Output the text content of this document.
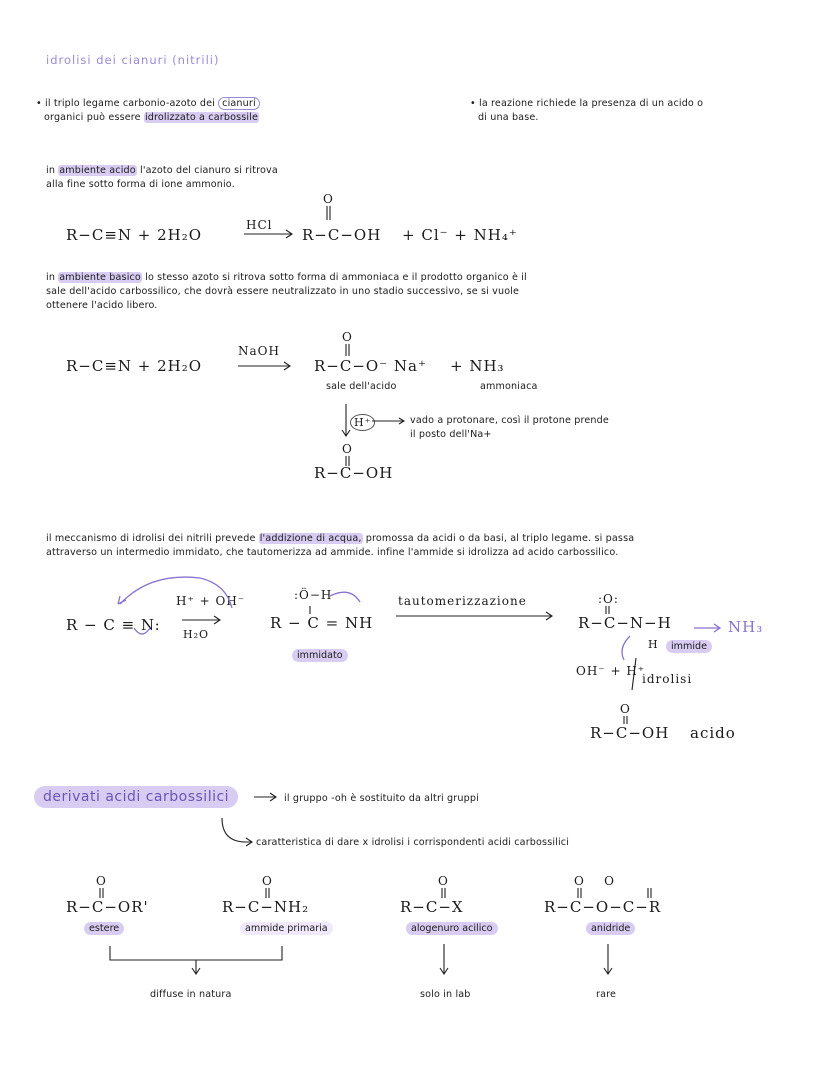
idrolisi dei cianuri (nitrili)
• il triplo legame carbonio-azoto dei cianuri
organici può essere idrolizzato a carbossile
• la reazione richiede la presenza di un acido o
di una base.
in ambiente acido l'azoto del cianuro si ritrova
alla fine sotto forma di ione ammonio.
R−C≡N + 2H₂O
HCl
O
R−C−OH + Cl⁻ + NH₄⁺
in ambiente basico lo stesso azoto si ritrova sotto forma di ammoniaca e il prodotto organico è il
sale dell'acido carbossilico, che dovrà essere neutralizzato in uno stadio successivo, se si vuole
ottenere l'acido libero.
R−C≡N + 2H₂O
NaOH
O
R−C−O⁻ Na⁺ + NH₃
sale dell'acido	ammoniaca
H⁺	vado a protonare, così il protone prende
il posto dell'Na+
O
R−C−OH
il meccanismo di idrolisi dei nitrili prevede l'addizione di acqua, promossa da acidi o da basi, al triplo legame. si passa
attraverso un intermedio immidato, che tautomerizza ad ammide. infine l'ammide si idrolizza ad acido carbossilico.
R − C ≡ N:
H⁺ + OH⁻
H₂O
:Ö−H
R − C = NH
immidato
tautomerizzazione	:O:
R−C−N−H	NH₃
H	immide
OH⁻ + H⁺
idrolisi
O
R−C−OH acido
derivati acidi carbossilici	il gruppo -oh è sostituito da altri gruppi
caratteristica di dare x idrolisi i corrispondenti acidi carbossilici
O
R−C−OR'
estere
O
R−C−NH₂
ammide primaria
O
R−C−X
alogenuro acilico
O    O
R−C−O−C−R
anidride
diffuse in natura	solo in lab	rare
